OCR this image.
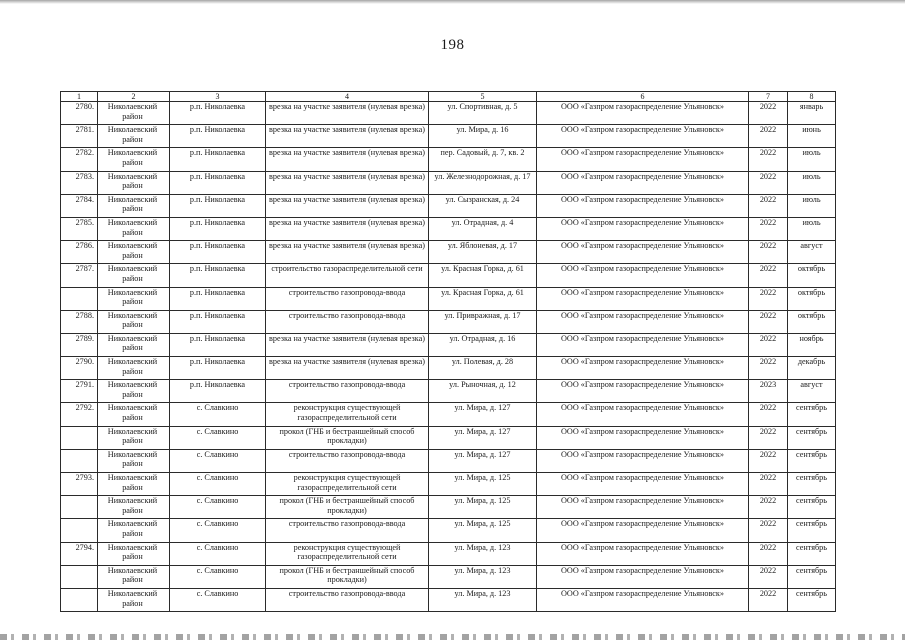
198
1	2	3	4	5	6	7	8
2780.	Николаевский район	р.п. Николаевка	врезка на участке заявителя (нулевая врезка)	ул. Спортивная, д. 5	ООО «Газпром газораспределение Ульяновск»	2022	январь
2781.	Николаевский район	р.п. Николаевка	врезка на участке заявителя (нулевая врезка)	ул. Мира, д. 16	ООО «Газпром газораспределение Ульяновск»	2022	июнь
2782.	Николаевский район	р.п. Николаевка	врезка на участке заявителя (нулевая врезка)	пер. Садовый, д. 7, кв. 2	ООО «Газпром газораспределение Ульяновск»	2022	июль
2783.	Николаевский район	р.п. Николаевка	врезка на участке заявителя (нулевая врезка)	ул. Железнодорожная, д. 17	ООО «Газпром газораспределение Ульяновск»	2022	июль
2784.	Николаевский район	р.п. Николаевка	врезка на участке заявителя (нулевая врезка)	ул. Сызранская, д. 24	ООО «Газпром газораспределение Ульяновск»	2022	июль
2785.	Николаевский район	р.п. Николаевка	врезка на участке заявителя (нулевая врезка)	ул. Отрадная, д. 4	ООО «Газпром газораспределение Ульяновск»	2022	июль
2786.	Николаевский район	р.п. Николаевка	врезка на участке заявителя (нулевая врезка)	ул. Яблоневая, д. 17	ООО «Газпром газораспределение Ульяновск»	2022	август
2787.	Николаевский район	р.п. Николаевка	строительство газораспределительной сети	ул. Красная Горка, д. 61	ООО «Газпром газораспределение Ульяновск»	2022	октябрь
	Николаевский район	р.п. Николаевка	строительство газопровода-ввода	ул. Красная Горка, д. 61	ООО «Газпром газораспределение Ульяновск»	2022	октябрь
2788.	Николаевский район	р.п. Николаевка	строительство газопровода-ввода	ул. Привражная, д. 17	ООО «Газпром газораспределение Ульяновск»	2022	октябрь
2789.	Николаевский район	р.п. Николаевка	врезка на участке заявителя (нулевая врезка)	ул. Отрадная, д. 16	ООО «Газпром газораспределение Ульяновск»	2022	ноябрь
2790.	Николаевский район	р.п. Николаевка	врезка на участке заявителя (нулевая врезка)	ул. Полевая, д. 28	ООО «Газпром газораспределение Ульяновск»	2022	декабрь
2791.	Николаевский район	р.п. Николаевка	строительство газопровода-ввода	ул. Рыночная, д. 12	ООО «Газпром газораспределение Ульяновск»	2023	август
2792.	Николаевский район	с. Славкино	реконструкция существующей газораспределительной сети	ул. Мира, д. 127	ООО «Газпром газораспределение Ульяновск»	2022	сентябрь
	Николаевский район	с. Славкино	прокол (ГНБ и бестраншейный способ прокладки)	ул. Мира, д. 127	ООО «Газпром газораспределение Ульяновск»	2022	сентябрь
	Николаевский район	с. Славкино	строительство газопровода-ввода	ул. Мира, д. 127	ООО «Газпром газораспределение Ульяновск»	2022	сентябрь
2793.	Николаевский район	с. Славкино	реконструкция существующей газораспределительной сети	ул. Мира, д. 125	ООО «Газпром газораспределение Ульяновск»	2022	сентябрь
	Николаевский район	с. Славкино	прокол (ГНБ и бестраншейный способ прокладки)	ул. Мира, д. 125	ООО «Газпром газораспределение Ульяновск»	2022	сентябрь
	Николаевский район	с. Славкино	строительство газопровода-ввода	ул. Мира, д. 125	ООО «Газпром газораспределение Ульяновск»	2022	сентябрь
2794.	Николаевский район	с. Славкино	реконструкция существующей газораспределительной сети	ул. Мира, д. 123	ООО «Газпром газораспределение Ульяновск»	2022	сентябрь
	Николаевский район	с. Славкино	прокол (ГНБ и бестраншейный способ прокладки)	ул. Мира, д. 123	ООО «Газпром газораспределение Ульяновск»	2022	сентябрь
	Николаевский район	с. Славкино	строительство газопровода-ввода	ул. Мира, д. 123	ООО «Газпром газораспределение Ульяновск»	2022	сентябрь
